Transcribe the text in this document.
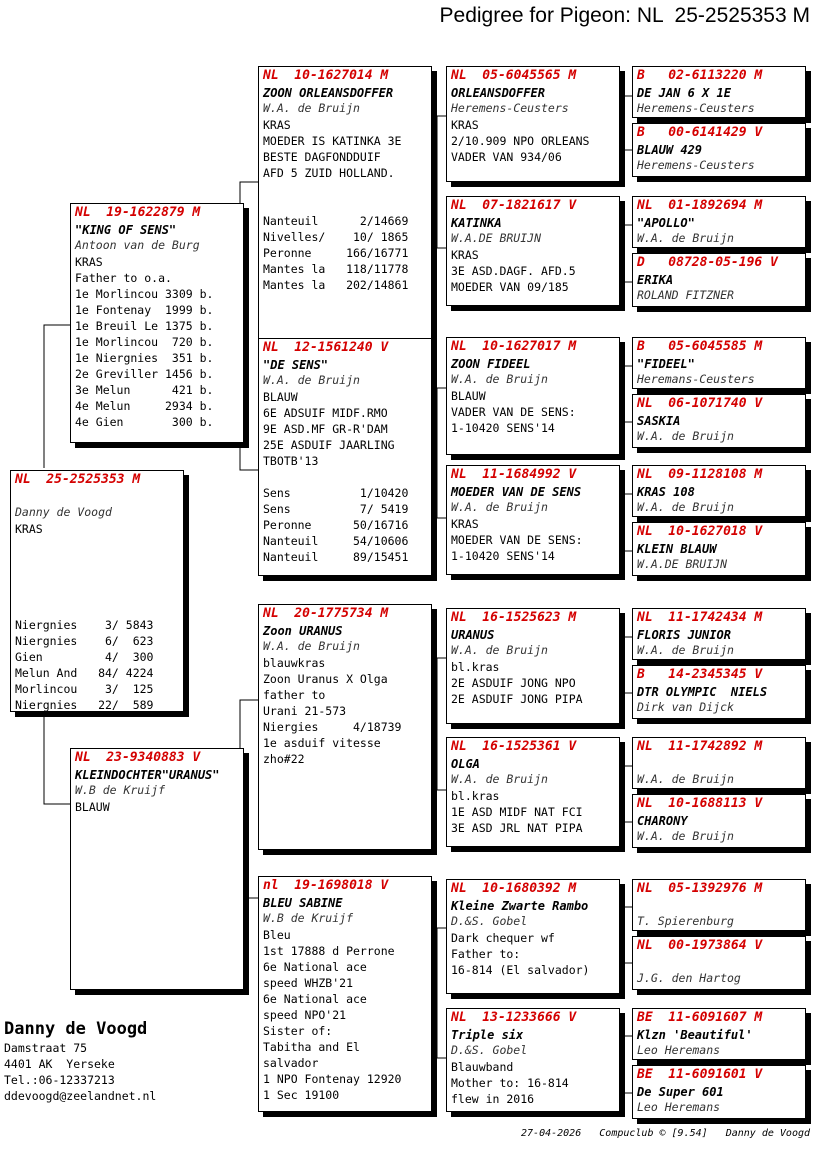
Pedigree for Pigeon: NL  25-2525353 M
NL  25-2525353 M
Danny de Voogd
KRAS
Niergnies    3/ 5843
Niergnies    6/  623
Gien         4/  300
Melun And   84/ 4224
Morlincou    3/  125
Niergnies   22/  589
NL  19-1622879 M
"KING OF SENS"
Antoon van de Burg
KRAS
Father to o.a.
1e Morlincou 3309 b.
1e Fontenay  1999 b.
1e Breuil Le 1375 b.
1e Morlincou  720 b.
1e Niergnies  351 b.
2e Greviller 1456 b.
3e Melun      421 b.
4e Melun     2934 b.
4e Gien       300 b.
NL  23-9340883 V
KLEINDOCHTER"URANUS"
W.B de Kruijf
BLAUW
NL  10-1627014 M
ZOON ORLEANSDOFFER
W.A. de Bruijn
KRAS
MOEDER IS KATINKA 3E
BESTE DAGFONDDUIF
AFD 5 ZUID HOLLAND.
Nanteuil      2/14669
Nivelles/    10/ 1865
Peronne     166/16771
Mantes la   118/11778
Mantes la   202/14861
NL  12-1561240 V
"DE SENS"
W.A. de Bruijn
BLAUW
6E ADSUIF MIDF.RMO
9E ASD.MF GR-R'DAM
25E ASDUIF JAARLING
TBOTB'13
Sens          1/10420
Sens          7/ 5419
Peronne      50/16716
Nanteuil     54/10606
Nanteuil     89/15451
NL  20-1775734 M
Zoon URANUS
W.A. de Bruijn
blauwkras
Zoon Uranus X Olga
father to
Urani 21-573
Niergies     4/18739
1e asduif vitesse
zho#22
nl  19-1698018 V
BLEU SABINE
W.B de Kruijf
Bleu
1st 17888 d Perrone
6e National ace
speed WHZB'21
6e National ace
speed NPO'21
Sister of:
Tabitha and El
salvador
1 NPO Fontenay 12920
1 Sec 19100
NL  05-6045565 M
ORLEANSDOFFER
Heremens-Ceusters
KRAS
2/10.909 NPO ORLEANS
VADER VAN 934/06
NL  07-1821617 V
KATINKA
W.A.DE BRUIJN
KRAS
3E ASD.DAGF. AFD.5
MOEDER VAN 09/185
NL  10-1627017 M
ZOON FIDEEL
W.A. de Bruijn
BLAUW
VADER VAN DE SENS:
1-10420 SENS'14
NL  11-1684992 V
MOEDER VAN DE SENS
W.A. de Bruijn
KRAS
MOEDER VAN DE SENS:
1-10420 SENS'14
NL  16-1525623 M
URANUS
W.A. de Bruijn
bl.kras
2E ASDUIF JONG NPO
2E ASDUIF JONG PIPA
NL  16-1525361 V
OLGA
W.A. de Bruijn
bl.kras
1E ASD MIDF NAT FCI
3E ASD JRL NAT PIPA
NL  10-1680392 M
Kleine Zwarte Rambo
D.&S. Gobel
Dark chequer wf
Father to:
16-814 (El salvador)
NL  13-1233666 V
Triple six
D.&S. Gobel
Blauwband
Mother to: 16-814
flew in 2016
B   02-6113220 M
DE JAN 6 X 1E
Heremens-Ceusters
B   00-6141429 V
BLAUW 429
Heremens-Ceusters
NL  01-1892694 M
"APOLLO"
W.A. de Bruijn
D   08728-05-196 V
ERIKA
ROLAND FITZNER
B   05-6045585 M
"FIDEEL"
Heremans-Ceusters
NL  06-1071740 V
SASKIA
W.A. de Bruijn
NL  09-1128108 M
KRAS 108
W.A. de Bruijn
NL  10-1627018 V
KLEIN BLAUW
W.A.DE BRUIJN
NL  11-1742434 M
FLORIS JUNIOR
W.A. de Bruijn
B   14-2345345 V
DTR OLYMPIC  NIELS
Dirk van Dijck
NL  11-1742892 M
W.A. de Bruijn
NL  10-1688113 V
CHARONY
W.A. de Bruijn
NL  05-1392976 M
T. Spierenburg
NL  00-1973864 V
J.G. den Hartog
BE  11-6091607 M
Klzn 'Beautiful'
Leo Heremans
BE  11-6091601 V
De Super 601
Leo Heremans
Danny de Voogd
Damstraat 75
4401 AK  Yerseke
Tel.:06-12337213
ddevoogd@zeelandnet.nl
27-04-2026   Compuclub © [9.54]   Danny de Voogd
